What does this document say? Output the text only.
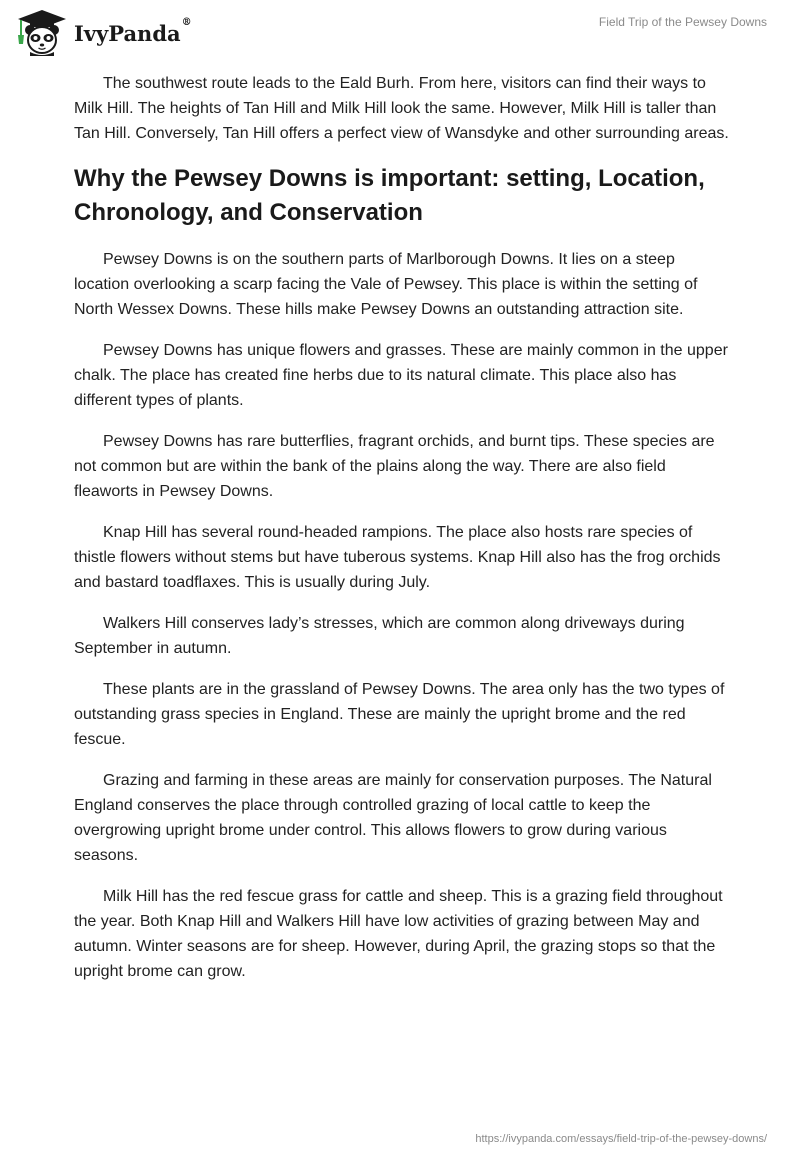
IvyPanda®	Field Trip of the Pewsey Downs

The southwest route leads to the Eald Burh. From here, visitors can find their ways to Milk Hill. The heights of Tan Hill and Milk Hill look the same. However, Milk Hill is taller than Tan Hill. Conversely, Tan Hill offers a perfect view of Wansdyke and other surrounding areas.

Why the Pewsey Downs is important: setting, Location, Chronology, and Conservation

Pewsey Downs is on the southern parts of Marlborough Downs. It lies on a steep location overlooking a scarp facing the Vale of Pewsey. This place is within the setting of North Wessex Downs. These hills make Pewsey Downs an outstanding attraction site.

Pewsey Downs has unique flowers and grasses. These are mainly common in the upper chalk. The place has created fine herbs due to its natural climate. This place also has different types of plants.

Pewsey Downs has rare butterflies, fragrant orchids, and burnt tips. These species are not common but are within the bank of the plains along the way. There are also field fleaworts in Pewsey Downs.

Knap Hill has several round-headed rampions. The place also hosts rare species of thistle flowers without stems but have tuberous systems. Knap Hill also has the frog orchids and bastard toadflaxes. This is usually during July.

Walkers Hill conserves lady’s stresses, which are common along driveways during September in autumn.

These plants are in the grassland of Pewsey Downs. The area only has the two types of outstanding grass species in England. These are mainly the upright brome and the red fescue.

Grazing and farming in these areas are mainly for conservation purposes. The Natural England conserves the place through controlled grazing of local cattle to keep the overgrowing upright brome under control. This allows flowers to grow during various seasons.

Milk Hill has the red fescue grass for cattle and sheep. This is a grazing field throughout the year. Both Knap Hill and Walkers Hill have low activities of grazing between May and autumn. Winter seasons are for sheep. However, during April, the grazing stops so that the upright brome can grow.

https://ivypanda.com/essays/field-trip-of-the-pewsey-downs/
